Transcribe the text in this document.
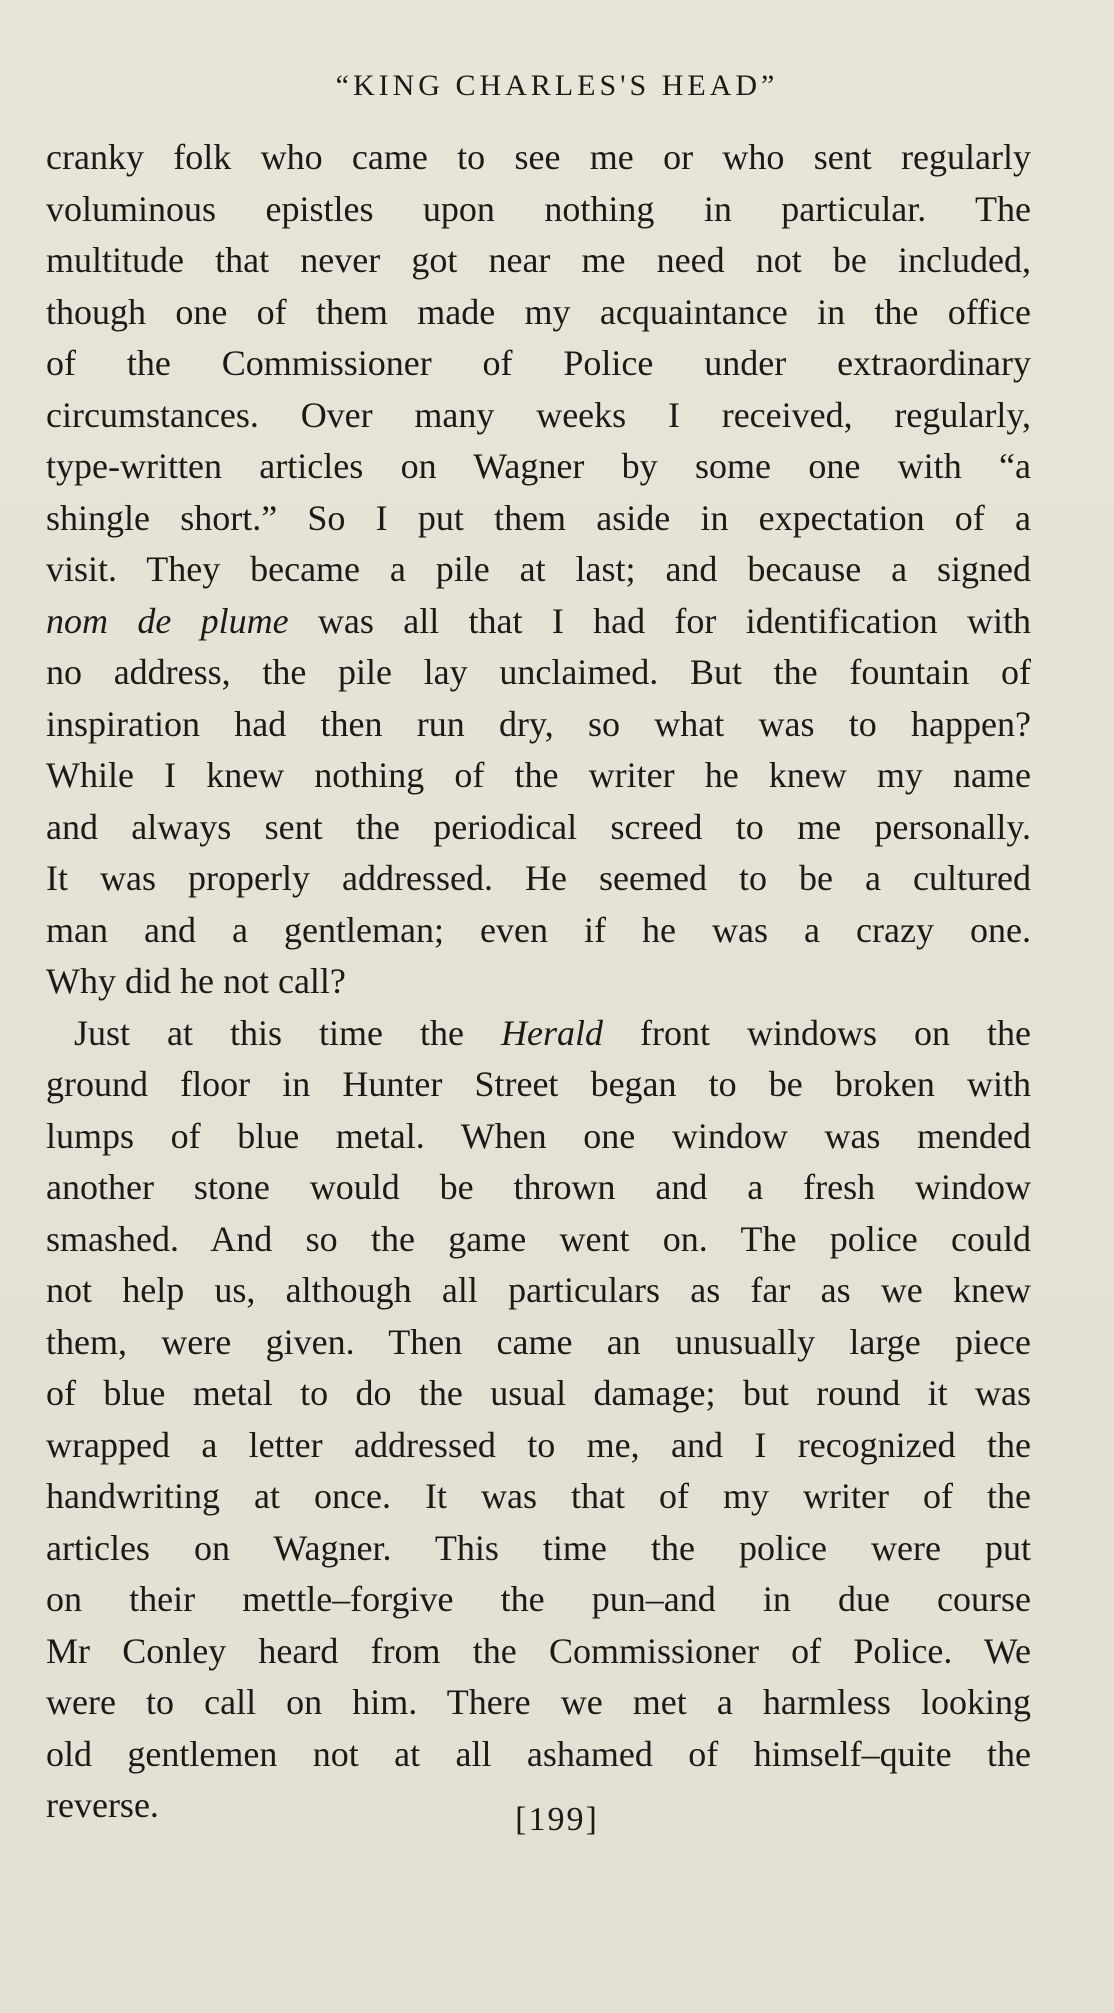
“KING CHARLES'S HEAD”
cranky folk who came to see me or who sent regularly
voluminous epistles upon nothing in particular. The
multitude that never got near me need not be included,
though one of them made my acquaintance in the office
of the Commissioner of Police under extraordinary
circumstances. Over many weeks I received, regularly,
type-written articles on Wagner by some one with “a
shingle short.” So I put them aside in expectation of a
visit. They became a pile at last; and because a signed
nom de plume was all that I had for identification with
no address, the pile lay unclaimed. But the fountain of
inspiration had then run dry, so what was to happen?
While I knew nothing of the writer he knew my name
and always sent the periodical screed to me personally.
It was properly addressed. He seemed to be a cultured
man and a gentleman; even if he was a crazy one.
Why did he not call?
Just at this time the Herald front windows on the
ground floor in Hunter Street began to be broken with
lumps of blue metal. When one window was mended
another stone would be thrown and a fresh window
smashed. And so the game went on. The police could
not help us, although all particulars as far as we knew
them, were given. Then came an unusually large piece
of blue metal to do the usual damage; but round it was
wrapped a letter addressed to me, and I recognized the
handwriting at once. It was that of my writer of the
articles on Wagner. This time the police were put
on their mettle–forgive the pun–and in due course
Mr Conley heard from the Commissioner of Police. We
were to call on him. There we met a harmless looking
old gentlemen not at all ashamed of himself–quite the
reverse.	[199]
